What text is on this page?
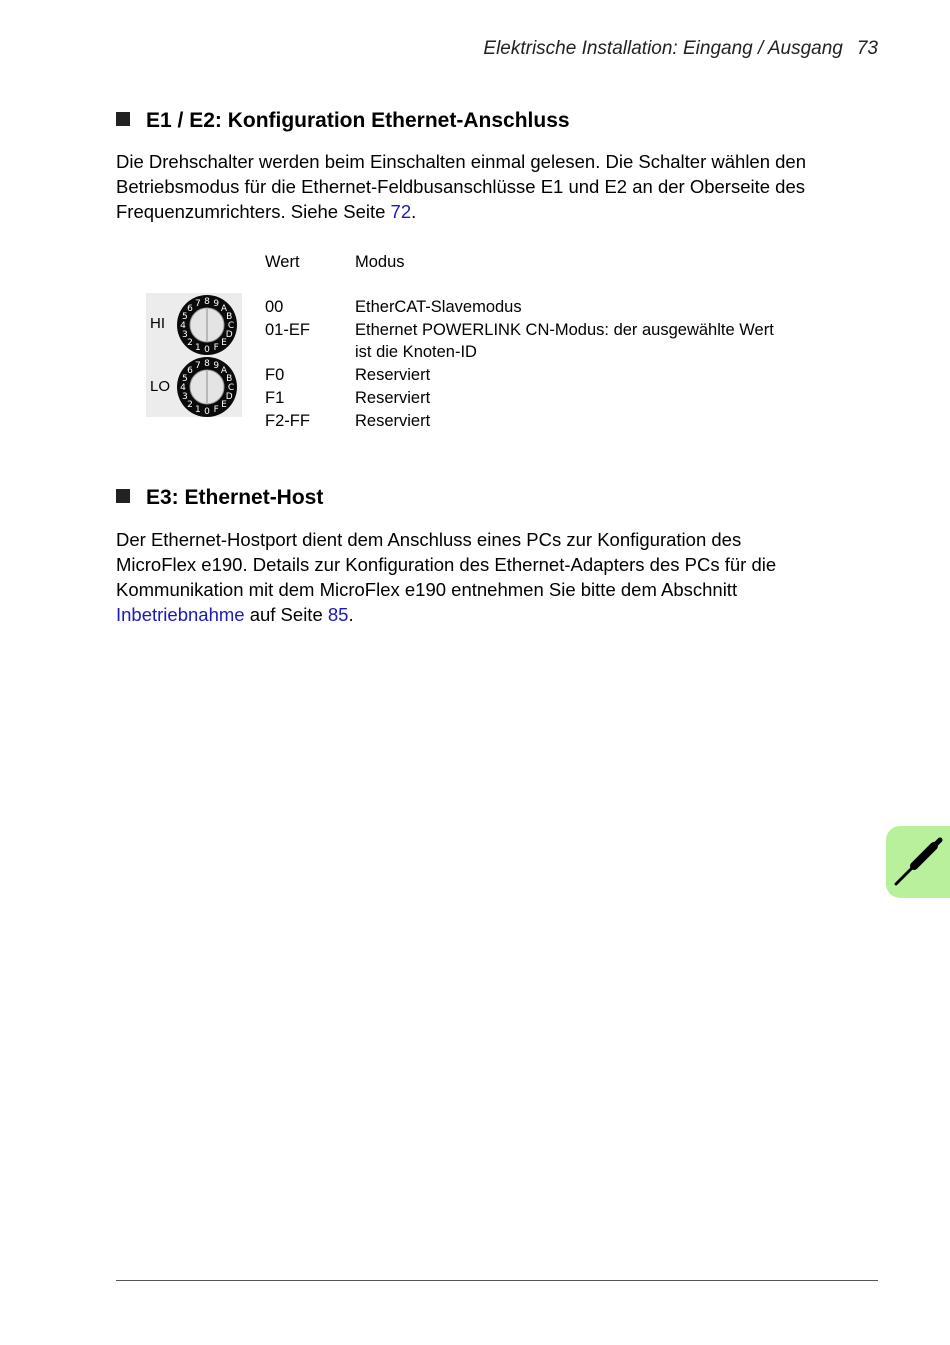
Elektrische Installation: Eingang / Ausgang 73
E1 / E2: Konfiguration Ethernet-Anschluss
Die Drehschalter werden beim Einschalten einmal gelesen. Die Schalter wählen den
Betriebsmodus für die Ethernet-Feldbusanschlüsse E1 und E2 an der Oberseite des
Frequenzumrichters. Siehe Seite 72.
HI
LO
0
1
2
3
4
5
6
7 8 9
A
B
C
D
E
F
0
1
2
3
4
5
6
7 8 9
A
B
C
D
E
F
Wert	Modus
00
01-EF
F0
F1
F2-FF
EtherCAT-Slavemodus
Ethernet POWERLINK CN-Modus: der ausgewählte Wert
ist die Knoten-ID
Reserviert
Reserviert
Reserviert
E3: Ethernet-Host
Der Ethernet-Hostport dient dem Anschluss eines PCs zur Konfiguration des
MicroFlex e190. Details zur Konfiguration des Ethernet-Adapters des PCs für die
Kommunikation mit dem MicroFlex e190 entnehmen Sie bitte dem Abschnitt
Inbetriebnahme auf Seite 85.
